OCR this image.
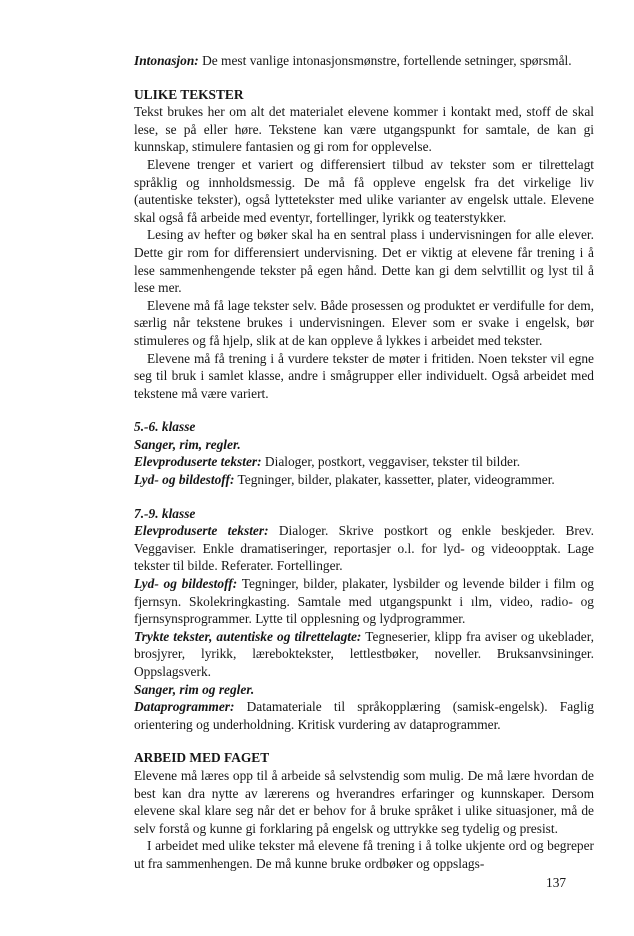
Intonasjon: De mest vanlige intonasjonsmønstre, fortellende setninger, spørsmål.

ULIKE TEKSTER

Tekst brukes her om alt det materialet elevene kommer i kontakt med, stoff de skal lese, se på eller høre. Tekstene kan være utgangspunkt for samtale, de kan gi kunnskap, stimulere fantasien og gi rom for opplevelse.

Elevene trenger et variert og differensiert tilbud av tekster som er tilrettelagt språklig og innholdsmessig. De må få oppleve engelsk fra det virkelige liv (autentiske tekster), også lyttetekster med ulike varianter av engelsk uttale. Elevene skal også få arbeide med eventyr, fortellinger, lyrikk og teaterstykker.

Lesing av hefter og bøker skal ha en sentral plass i undervisningen for alle elever. Dette gir rom for differensiert undervisning. Det er viktig at elevene får trening i å lese sammenhengende tekster på egen hånd. Dette kan gi dem selvtillit og lyst til å lese mer.

Elevene må få lage tekster selv. Både prosessen og produktet er verdifulle for dem, særlig når tekstene brukes i undervisningen. Elever som er svake i engelsk, bør stimuleres og få hjelp, slik at de kan oppleve å lykkes i arbeidet med tekster.

Elevene må få trening i å vurdere tekster de møter i fritiden. Noen tekster vil egne seg til bruk i samlet klasse, andre i smågrupper eller individuelt. Også arbeidet med tekstene må være variert.

5.-6. klasse

Sanger, rim, regler.

Elevproduserte tekster: Dialoger, postkort, veggaviser, tekster til bilder.

Lyd- og bildestoff: Tegninger, bilder, plakater, kassetter, plater, videogrammer.

7.-9. klasse

Elevproduserte tekster: Dialoger. Skrive postkort og enkle beskjeder. Brev. Veggaviser. Enkle dramatiseringer, reportasjer o.l. for lyd- og videoopptak. Lage tekster til bilde. Referater. Fortellinger.

Lyd- og bildestoff: Tegninger, bilder, plakater, lysbilder og levende bilder i film og fjernsyn. Skolekringkasting. Samtale med utgangspunkt i ılm, video, radio- og fjernsynsprogrammer. Lytte til opplesning og lydprogrammer.

Trykte tekster, autentiske og tilrettelagte: Tegneserier, klipp fra aviser og ukeblader, brosjyrer, lyrikk, læreboktekster, lettlestbøker, noveller. Bruksanvsininger. Oppslagsverk.

Sanger, rim og regler.

Dataprogrammer: Datamateriale til språkopplæring (samisk-engelsk). Faglig orientering og underholdning. Kritisk vurdering av dataprogrammer.

ARBEID MED FAGET

Elevene må læres opp til å arbeide så selvstendig som mulig. De må lære hvordan de best kan dra nytte av lærerens og hverandres erfaringer og kunnskaper. Dersom elevene skal klare seg når det er behov for å bruke språket i ulike situasjoner, må de selv forstå og kunne gi forklaring på engelsk og uttrykke seg tydelig og presist.

I arbeidet med ulike tekster må elevene få trening i å tolke ukjente ord og begreper ut fra sammenhengen. De må kunne bruke ordbøker og oppslags-

137
